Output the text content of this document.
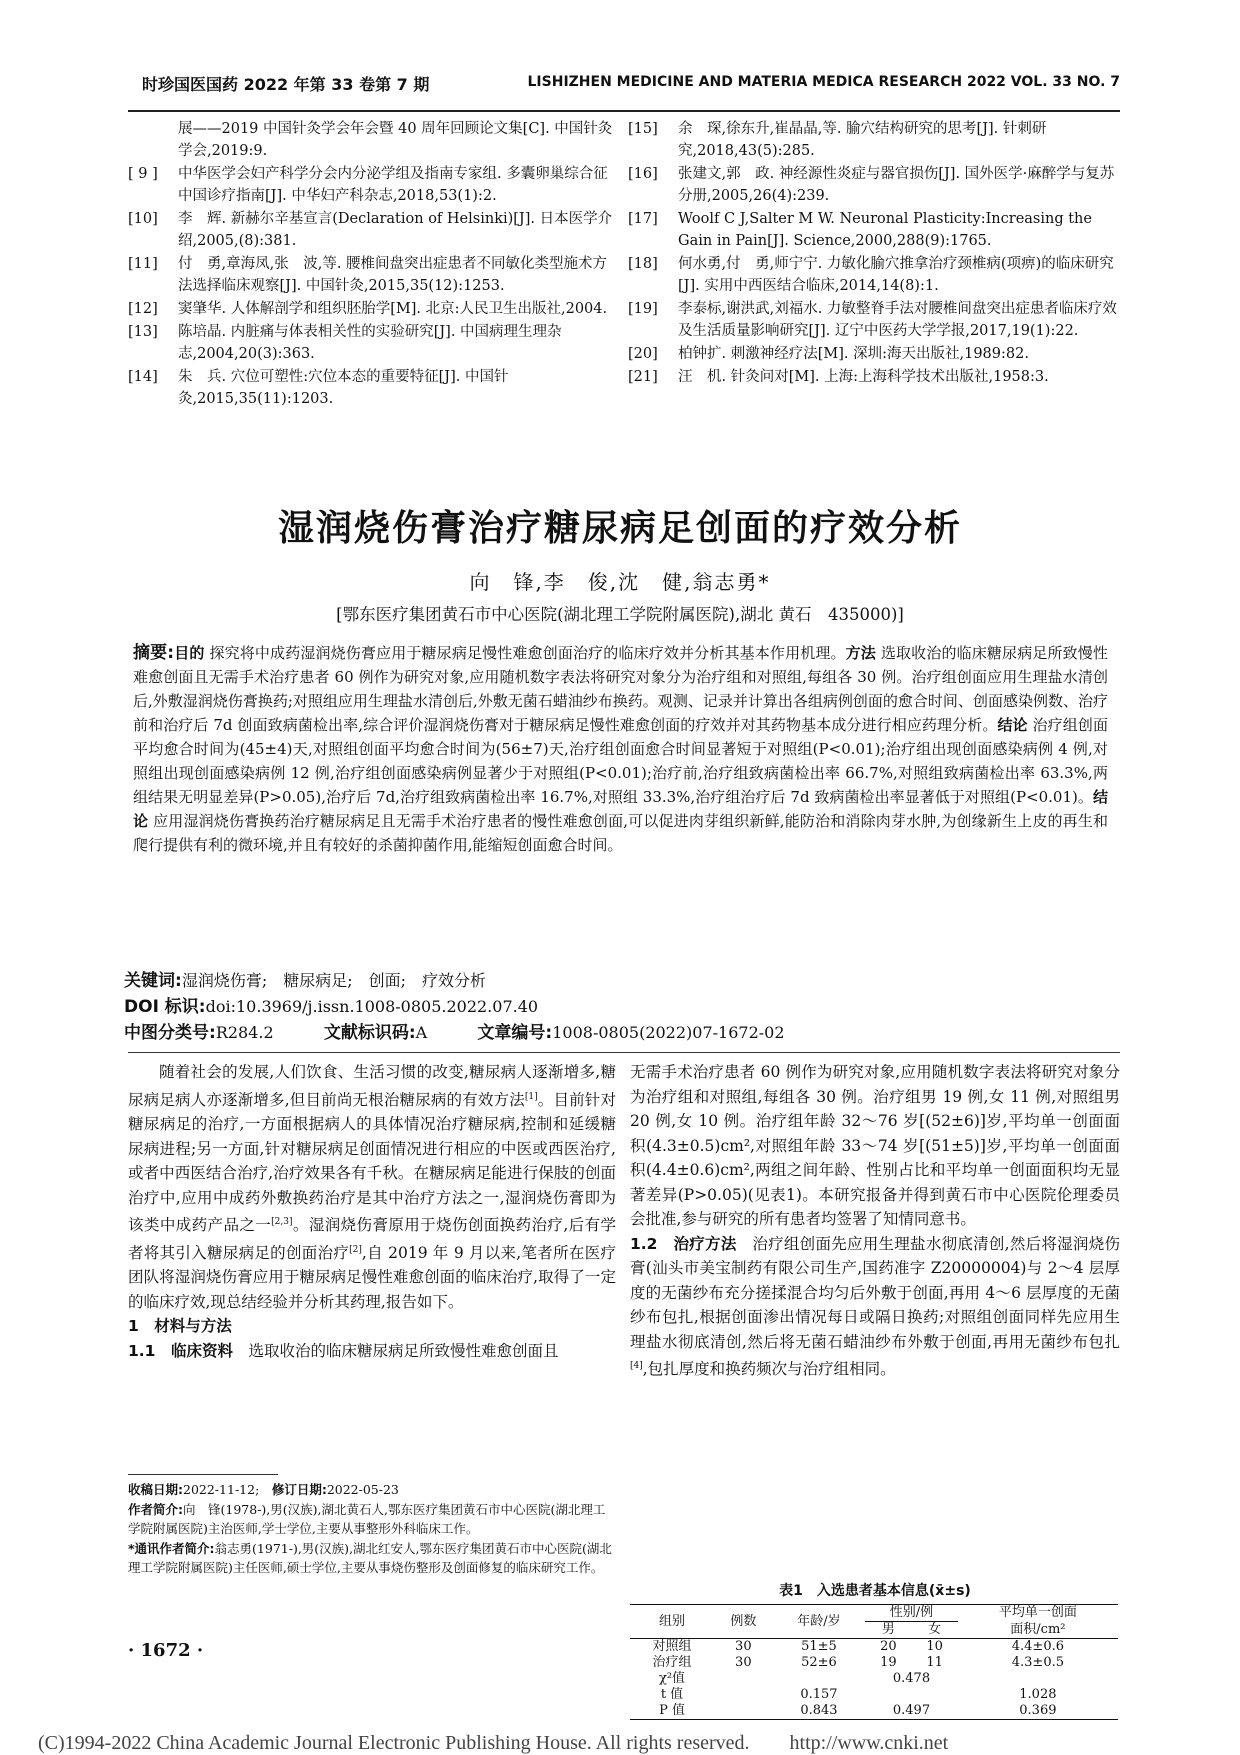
时珍国医国药 2022 年第 33 卷第 7 期	LISHIZHEN MEDICINE AND MATERIA MEDICA RESEARCH 2022 VOL. 33 NO. 7
展——2019 中国针灸学会年会暨 40 周年回顾论文集[C]. 中国针灸学会,2019:9.
[ 9 ] 中华医学会妇产科学分会内分泌学组及指南专家组. 多囊卵巢综合征中国诊疗指南[J]. 中华妇产科杂志,2018,53(1):2.
[10] 李　辉. 新赫尔辛基宣言(Declaration of Helsinki)[J]. 日本医学介绍,2005,(8):381.
[11] 付　勇,章海凤,张　波,等. 腰椎间盘突出症患者不同敏化类型施术方法选择临床观察[J]. 中国针灸,2015,35(12):1253.
[12] 窦肇华. 人体解剖学和组织胚胎学[M]. 北京:人民卫生出版社,2004.
[13] 陈培晶. 内脏痛与体表相关性的实验研究[J]. 中国病理生理杂志,2004,20(3):363.
[14] 朱　兵. 穴位可塑性:穴位本态的重要特征[J]. 中国针灸,2015,35(11):1203.
[15] 余　琛,徐东升,崔晶晶,等. 腧穴结构研究的思考[J]. 针刺研究,2018,43(5):285.
[16] 张建文,郭　政. 神经源性炎症与器官损伤[J]. 国外医学·麻醉学与复苏分册,2005,26(4):239.
[17] Woolf C J,Salter M W. Neuronal Plasticity:Increasing the Gain in Pain[J]. Science,2000,288(9):1765.
[18] 何水勇,付　勇,师宁宁. 力敏化腧穴推拿治疗颈椎病(项痹)的临床研究[J]. 实用中西医结合临床,2014,14(8):1.
[19] 李泰标,谢洪武,刘福水. 力敏整脊手法对腰椎间盘突出症患者临床疗效及生活质量影响研究[J]. 辽宁中医药大学学报,2017,19(1):22.
[20] 柏钟扩. 刺激神经疗法[M]. 深圳:海天出版社,1989:82.
[21] 汪　机. 针灸问对[M]. 上海:上海科学技术出版社,1958:3.
湿润烧伤膏治疗糖尿病足创面的疗效分析
向　锋,李　俊,沈　健,翁志勇*
[鄂东医疗集团黄石市中心医院(湖北理工学院附属医院),湖北 黄石　435000)]
摘要:目的 探究将中成药湿润烧伤膏应用于糖尿病足慢性难愈创面治疗的临床疗效并分析其基本作用机理。方法 选取收治的临床糖尿病足所致慢性难愈创面且无需手术治疗患者 60 例作为研究对象,应用随机数字表法将研究对象分为治疗组和对照组,每组各 30 例。治疗组创面应用生理盐水清创后,外敷湿润烧伤膏换药;对照组应用生理盐水清创后,外敷无菌石蜡油纱布换药。观测、记录并计算出各组病例创面的愈合时间、创面感染例数、治疗前和治疗后 7d 创面致病菌检出率,综合评价湿润烧伤膏对于糖尿病足慢性难愈创面的疗效并对其药物基本成分进行相应药理分析。结论 治疗组创面平均愈合时间为(45±4)天,对照组创面平均愈合时间为(56±7)天,治疗组创面愈合时间显著短于对照组(P<0.01);治疗组出现创面感染病例 4 例,对照组出现创面感染病例 12 例,治疗组创面感染病例显著少于对照组(P<0.01);治疗前,治疗组致病菌检出率 66.7%,对照组致病菌检出率 63.3%,两组结果无明显差异(P>0.05),治疗后 7d,治疗组致病菌检出率 16.7%,对照组 33.3%,治疗组治疗后 7d 致病菌检出率显著低于对照组(P<0.01)。结论 应用湿润烧伤膏换药治疗糖尿病足且无需手术治疗患者的慢性难愈创面,可以促进肉芽组织新鲜,能防治和消除肉芽水肿,为创缘新生上皮的再生和爬行提供有利的微环境,并且有较好的杀菌抑菌作用,能缩短创面愈合时间。
关键词:湿润烧伤膏;　糖尿病足;　创面;　疗效分析
DOI 标识:doi:10.3969/j.issn.1008-0805.2022.07.40
中图分类号:R284.2	文献标识码:A	文章编号:1008-0805(2022)07-1672-02

随着社会的发展,人们饮食、生活习惯的改变,糖尿病人逐渐增多,糖尿病足病人亦逐渐增多,但目前尚无根治糖尿病的有效方法[1]。目前针对糖尿病足的治疗,一方面根据病人的具体情况治疗糖尿病,控制和延缓糖尿病进程;另一方面,针对糖尿病足创面情况进行相应的中医或西医治疗,或者中西医结合治疗,治疗效果各有千秋。在糖尿病足能进行保肢的创面治疗中,应用中成药外敷换药治疗是其中治疗方法之一,湿润烧伤膏即为该类中成药产品之一[2,3]。湿润烧伤膏原用于烧伤创面换药治疗,后有学者将其引入糖尿病足的创面治疗[2],自 2019 年 9 月以来,笔者所在医疗团队将湿润烧伤膏应用于糖尿病足慢性难愈创面的临床治疗,取得了一定的临床疗效,现总结经验并分析其药理,报告如下。

1　材料与方法
1.1　 临床资料　 选取收治的临床糖尿病足所致慢性难愈创面且
无需手术治疗患者 60 例作为研究对象,应用随机数字表法将研究对象分为治疗组和对照组,每组各 30 例。治疗组男 19 例,女 11 例,对照组男 20 例,女 10 例。治疗组年龄 32～76 岁[(52±6)]岁,平均单一创面面积(4.3±0.5)cm²,对照组年龄 33～74 岁[(51±5)]岁,平均单一创面面积(4.4±0.6)cm²,两组之间年龄、性别占比和平均单一创面面积均无显著差异(P>0.05)(见表1)。本研究报备并得到黄石市中心医院伦理委员会批准,参与研究的所有患者均签署了知情同意书。
1.2　 治疗方法　 治疗组创面先应用生理盐水彻底清创,然后将湿润烧伤膏(汕头市美宝制药有限公司生产,国药准字 Z20000004)与 2～4 层厚度的无菌纱布充分搓揉混合均匀后外敷于创面,再用 4～6 层厚度的无菌纱布包扎,根据创面渗出情况每日或隔日换药;对照组创面同样先应用生理盐水彻底清创,然后将无菌石蜡油纱布外敷于创面,再用无菌纱布包扎[4],包扎厚度和换药频次与治疗组相同。
表1　入选患者基本信息(x̄±s)
组别	例数	年龄/岁	性别/例		平均单一创面
			男	女	面积/cm²
对照组	30	51±5	20	10	4.4±0.6
治疗组	30	52±6	19	11	4.3±0.5
χ²值			0.478		
t 值		0.157			1.028
P 值		0.843	0.497		0.369

收稿日期:2022-11-12;　 修订日期:2022-05-23

作者简介:向　锋(1978-),男(汉族),湖北黄石人,鄂东医疗集团黄石市中心医院(湖北理工学院附属医院)主治医师,学士学位,主要从事整形外科临床工作。

*通讯作者简介:翁志勇(1971-),男(汉族),湖北红安人,鄂东医疗集团黄石市中心医院(湖北理工学院附属医院)主任医师,硕士学位,主要从事烧伤整形及创面修复的临床研究工作。

· 1672 ·
(C)1994-2022 China Academic Journal Electronic Publishing House. All rights reserved.　　http://www.cnki.net
